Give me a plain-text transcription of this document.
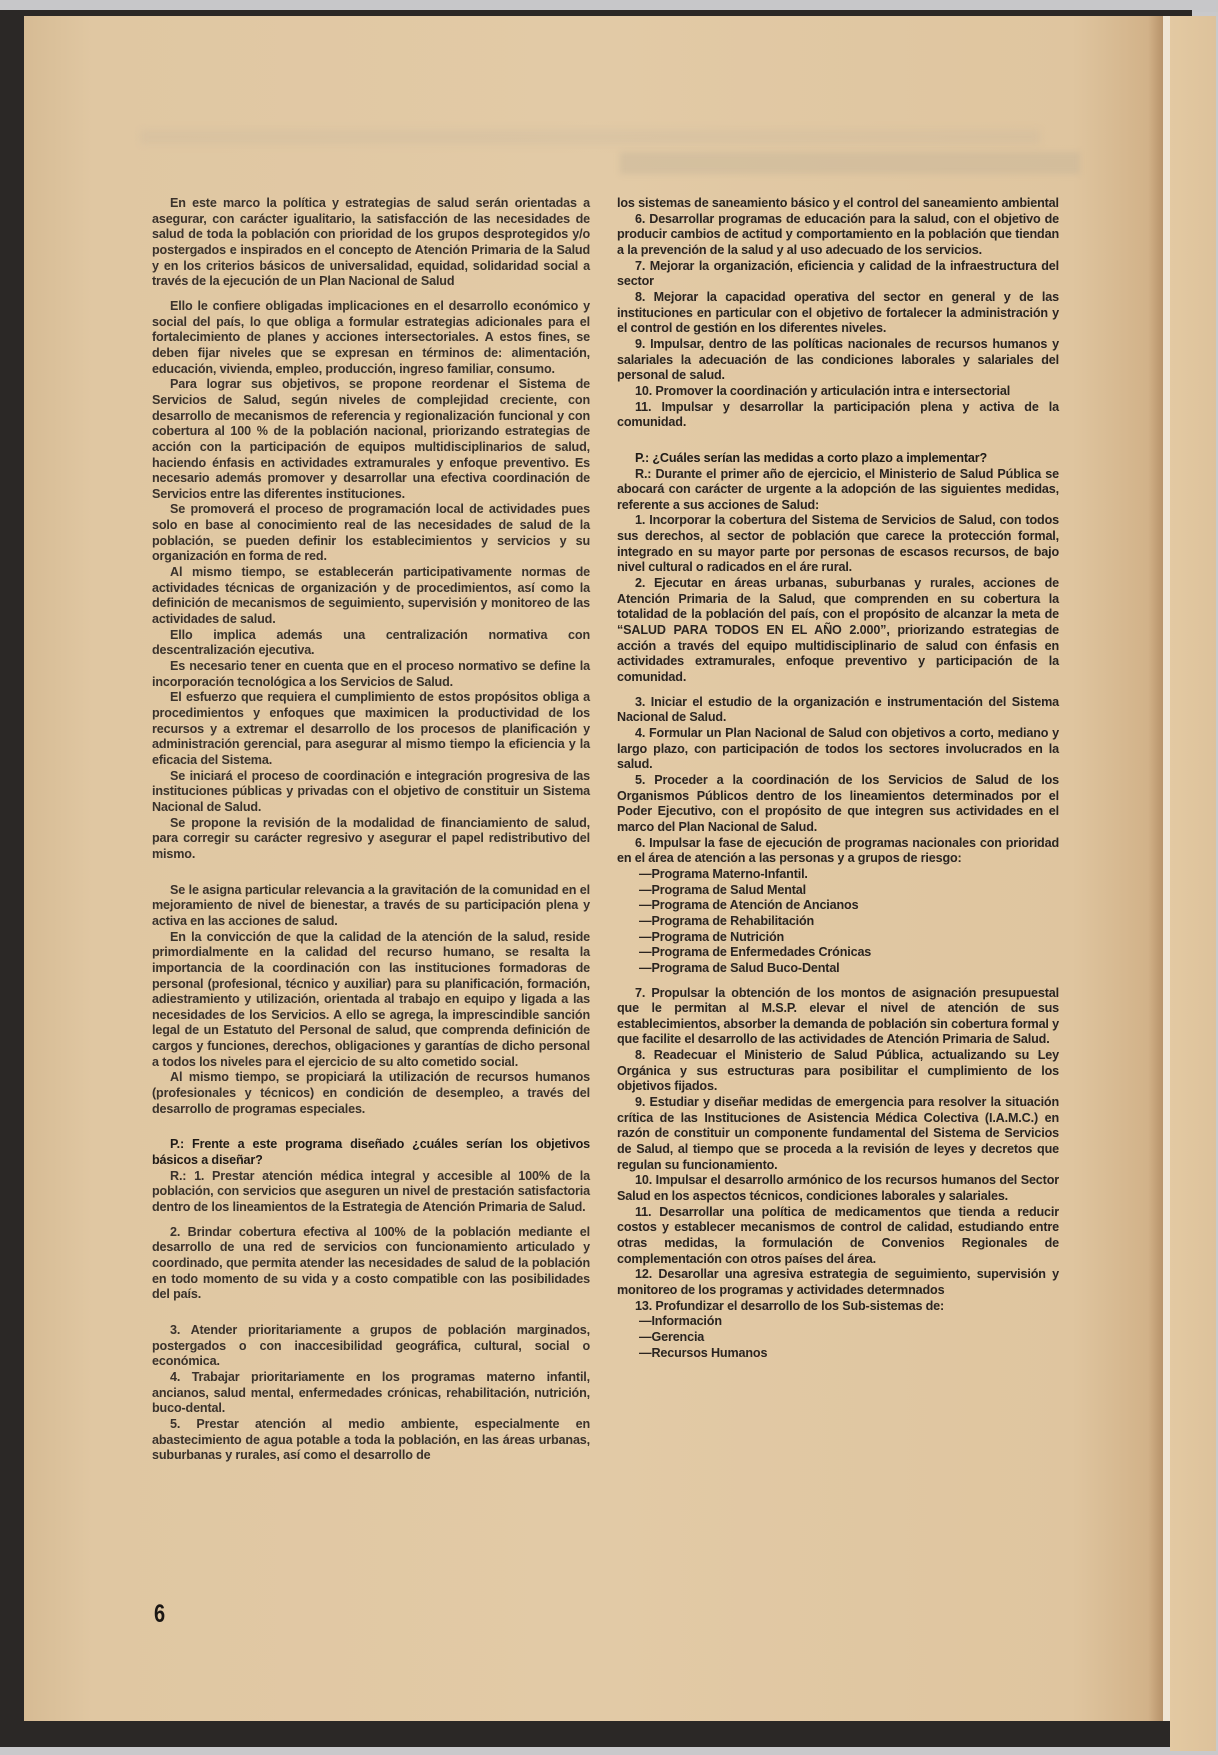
En este marco la política y estrategias de salud serán orientadas a asegurar, con carácter igualitario, la satisfacción de las necesidades de salud de toda la población con prioridad de los grupos desprotegidos y/o postergados e inspirados en el concepto de Atención Primaria de la Salud y en los criterios básicos de universalidad, equidad, solidaridad social a través de la ejecución de un Plan Nacional de Salud

Ello le confiere obligadas implicaciones en el desarrollo económico y social del país, lo que obliga a formular estrategias adicionales para el fortalecimiento de planes y acciones intersectoriales. A estos fines, se deben fijar niveles que se expresan en términos de: alimentación, educación, vivienda, empleo, producción, ingreso familiar, consumo.

Para lograr sus objetivos, se propone reordenar el Sistema de Servicios de Salud, según niveles de complejidad creciente, con desarrollo de mecanismos de referencia y regionalización funcional y con cobertura al 100 % de la población nacional, priorizando estrategias de acción con la participación de equipos multidisciplinarios de salud, haciendo énfasis en actividades extramurales y enfoque preventivo. Es necesario además promover y desarrollar una efectiva coordinación de Servicios entre las diferentes instituciones.

Se promoverá el proceso de programación local de actividades pues solo en base al conocimiento real de las necesidades de salud de la población, se pueden definir los establecimientos y servicios y su organización en forma de red.

Al mismo tiempo, se establecerán participativamente normas de actividades técnicas de organización y de procedimientos, así como la definición de mecanismos de seguimiento, supervisión y monitoreo de las actividades de salud.

Ello implica además una centralización normativa con descentralización ejecutiva.

Es necesario tener en cuenta que en el proceso normativo se define la incorporación tecnológica a los Servicios de Salud.

El esfuerzo que requiera el cumplimiento de estos propósitos obliga a procedimientos y enfoques que maximicen la productividad de los recursos y a extremar el desarrollo de los procesos de planificación y administración gerencial, para asegurar al mismo tiempo la eficiencia y la eficacia del Sistema.

Se iniciará el proceso de coordinación e integración progresiva de las instituciones públicas y privadas con el objetivo de constituir un Sistema Nacional de Salud.

Se propone la revisión de la modalidad de financiamiento de salud, para corregir su carácter regresivo y asegurar el papel redistributivo del mismo.

Se le asigna particular relevancia a la gravitación de la comunidad en el mejoramiento de nivel de bienestar, a través de su participación plena y activa en las acciones de salud.

En la convicción de que la calidad de la atención de la salud, reside primordialmente en la calidad del recurso humano, se resalta la importancia de la coordinación con las instituciones formadoras de personal (profesional, técnico y auxiliar) para su planificación, formación, adiestramiento y utilización, orientada al trabajo en equipo y ligada a las necesidades de los Servicios. A ello se agrega, la imprescindible sanción legal de un Estatuto del Personal de salud, que comprenda definición de cargos y funciones, derechos, obligaciones y garantías de dicho personal a todos los niveles para el ejercicio de su alto cometido social.

Al mismo tiempo, se propiciará la utilización de recursos humanos (profesionales y técnicos) en condición de desempleo, a través del desarrollo de programas especiales.

P.: Frente a este programa diseñado ¿cuáles serían los objetivos básicos a diseñar?

R.: 1. Prestar atención médica integral y accesible al 100% de la población, con servicios que aseguren un nivel de prestación satisfactoria dentro de los lineamientos de la Estrategia de Atención Primaria de Salud.

2. Brindar cobertura efectiva al 100% de la población mediante el desarrollo de una red de servicios con funcionamiento articulado y coordinado, que permita atender las necesidades de salud de la población en todo momento de su vida y a costo compatible con las posibilidades del país.

3. Atender prioritariamente a grupos de población marginados, postergados o con inaccesibilidad geográfica, cultural, social o económica.

4. Trabajar prioritariamente en los programas materno infantil, ancianos, salud mental, enfermedades crónicas, rehabilitación, nutrición, buco-dental.

5. Prestar atención al medio ambiente, especialmente en abastecimiento de agua potable a toda la población, en las áreas urbanas, suburbanas y rurales, así como el desarrollo de

los sistemas de saneamiento básico y el control del saneamiento ambiental

6. Desarrollar programas de educación para la salud, con el objetivo de producir cambios de actitud y comportamiento en la población que tiendan a la prevención de la salud y al uso adecuado de los servicios.

7. Mejorar la organización, eficiencia y calidad de la infraestructura del sector

8. Mejorar la capacidad operativa del sector en general y de las instituciones en particular con el objetivo de fortalecer la administración y el control de gestión en los diferentes niveles.

9. Impulsar, dentro de las políticas nacionales de recursos humanos y salariales la adecuación de las condiciones laborales y salariales del personal de salud.

10. Promover la coordinación y articulación intra e intersectorial

11. Impulsar y desarrollar la participación plena y activa de la comunidad.

P.: ¿Cuáles serían las medidas a corto plazo a implementar?

R.: Durante el primer año de ejercicio, el Ministerio de Salud Pública se abocará con carácter de urgente a la adopción de las siguientes medidas, referente a sus acciones de Salud:

1. Incorporar la cobertura del Sistema de Servicios de Salud, con todos sus derechos, al sector de población que carece la protección formal, integrado en su mayor parte por personas de escasos recursos, de bajo nivel cultural o radicados en el áre rural.

2. Ejecutar en áreas urbanas, suburbanas y rurales, acciones de Atención Primaria de la Salud, que comprenden en su cobertura la totalidad de la población del país, con el propósito de alcanzar la meta de “SALUD PARA TODOS EN EL AÑO 2.000”, priorizando estrategias de acción a través del equipo multidisciplinario de salud con énfasis en actividades extramurales, enfoque preventivo y participación de la comunidad.

3. Iniciar el estudio de la organización e instrumentación del Sistema Nacional de Salud.

4. Formular un Plan Nacional de Salud con objetivos a corto, mediano y largo plazo, con participación de todos los sectores involucrados en la salud.

5. Proceder a la coordinación de los Servicios de Salud de los Organismos Públicos dentro de los lineamientos determinados por el Poder Ejecutivo, con el propósito de que integren sus actividades en el marco del Plan Nacional de Salud.

6. Impulsar la fase de ejecución de programas nacionales con prioridad en el área de atención a las personas y a grupos de riesgo:

—Programa Materno-Infantil.

—Programa de Salud Mental

—Programa de Atención de Ancianos

—Programa de Rehabilitación

—Programa de Nutrición

—Programa de Enfermedades Crónicas

—Programa de Salud Buco-Dental

7. Propulsar la obtención de los montos de asignación presupuestal que le permitan al M.S.P. elevar el nivel de atención de sus establecimientos, absorber la demanda de población sin cobertura formal y que facilite el desarrollo de las actividades de Atención Primaria de Salud.

8. Readecuar el Ministerio de Salud Pública, actualizando su Ley Orgánica y sus estructuras para posibilitar el cumplimiento de los objetivos fijados.

9. Estudiar y diseñar medidas de emergencia para resolver la situación crítica de las Instituciones de Asistencia Médica Colectiva (I.A.M.C.) en razón de constituir un componente fundamental del Sistema de Servicios de Salud, al tiempo que se proceda a la revisión de leyes y decretos que regulan su funcionamiento.

10. Impulsar el desarrollo armónico de los recursos humanos del Sector Salud en los aspectos técnicos, condiciones laborales y salariales.

11. Desarrollar una política de medicamentos que tienda a reducir costos y establecer mecanismos de control de calidad, estudiando entre otras medidas, la formulación de Convenios Regionales de complementación con otros países del área.

12. Desarollar una agresiva estrategia de seguimiento, supervisión y monitoreo de los programas y actividades determnados

13. Profundizar el desarrollo de los Sub-sistemas de:

—Información

—Gerencia

—Recursos Humanos

6
